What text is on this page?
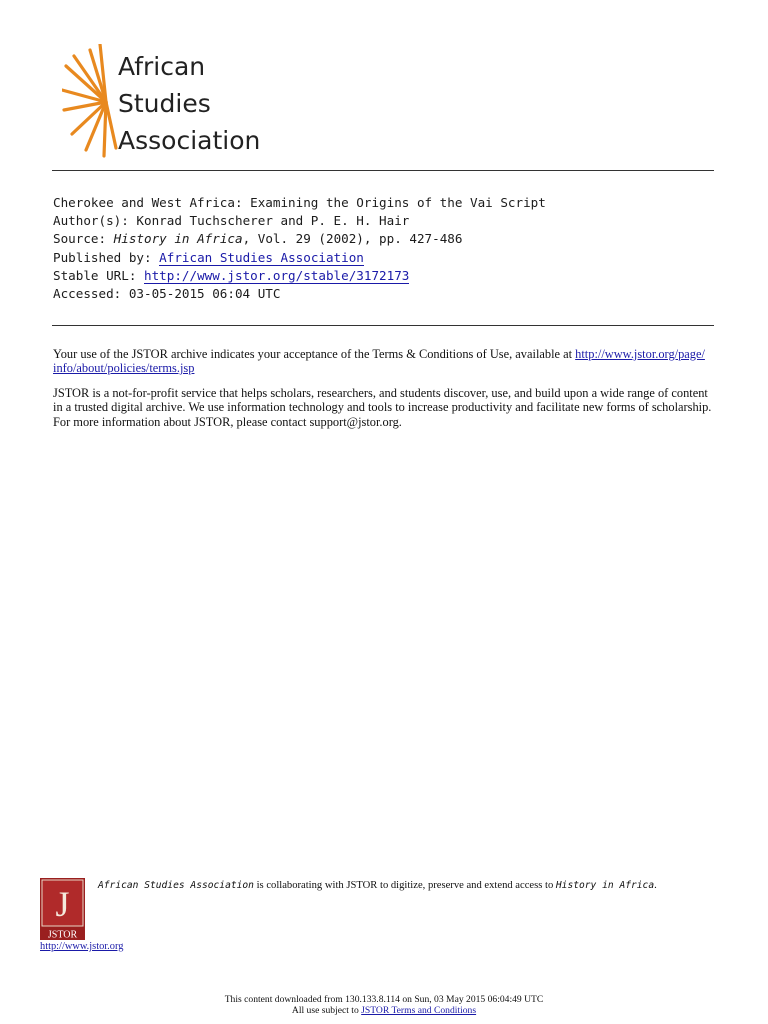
African
Studies
Association
Cherokee and West Africa: Examining the Origins of the Vai Script
Author(s): Konrad Tuchscherer and P. E. H. Hair
Source: History in Africa, Vol. 29 (2002), pp. 427-486
Published by: African Studies Association
Stable URL: http://www.jstor.org/stable/3172173
Accessed: 03-05-2015 06:04 UTC

Your use of the JSTOR archive indicates your acceptance of the Terms & Conditions of Use, available at http://www.jstor.org/page/
info/about/policies/terms.jsp

JSTOR is a not-for-profit service that helps scholars, researchers, and students discover, use, and build upon a wide range of content
in a trusted digital archive. We use information technology and tools to increase productivity and facilitate new forms of scholarship.
For more information about JSTOR, please contact support@jstor.org.

J
JSTOR
http://www.jstor.org
African Studies Association is collaborating with JSTOR to digitize, preserve and extend access to History in Africa.
This content downloaded from 130.133.8.114 on Sun, 03 May 2015 06:04:49 UTC
All use subject to JSTOR Terms and Conditions
